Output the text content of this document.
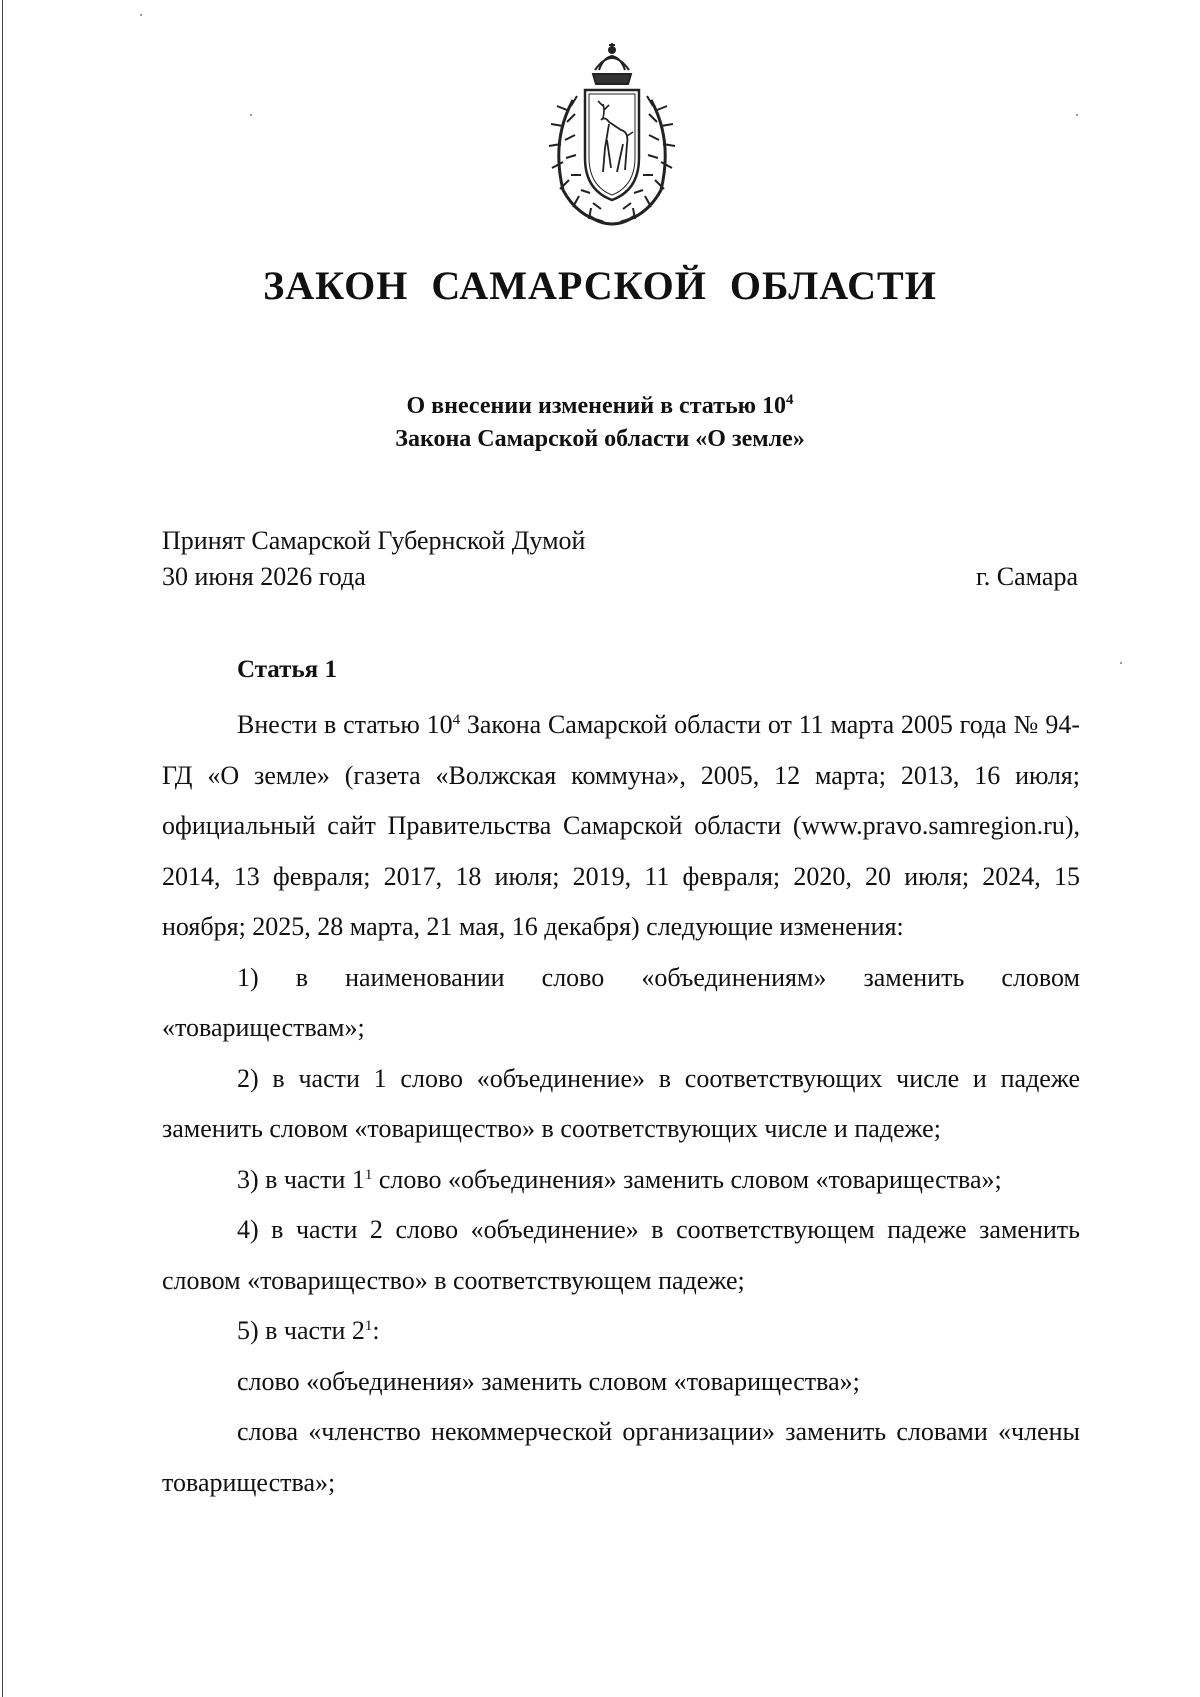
ЗАКОН САМАРСКОЙ ОБЛАСТИ
О внесении изменений в статью $10^4$
Закона Самарской области «О земле»
Принят Самарской Губернской Думой
30 июня 2026 года	г. Самара
Статья 1

Внести в статью $10^4$ Закона Самарской области от 11 марта 2005 года № 94-ГД «О земле» (газета «Волжская коммуна», 2005, 12 марта; 2013, 16 июля; официальный сайт Правительства Самарской области (www.pravo.samregion.ru), 2014, 13 февраля; 2017, 18 июля; 2019, 11 февраля; 2020, 20 июля; 2024, 15 ноября; 2025, 28 марта, 21 мая, 16 декабря) следующие изменения:

1) в наименовании слово «объединениям» заменить словом «товариществам»;

2) в части 1 слово «объединение» в соответствующих числе и падеже заменить словом «товарищество» в соответствующих числе и падеже;

3) в части $1^1$ слово «объединения» заменить словом «товарищества»;

4) в части 2 слово «объединение» в соответствующем падеже заменить словом «товарищество» в соответствующем падеже;

5) в части $2^1$:

слово «объединения» заменить словом «товарищества»;

слова «членство некоммерческой организации» заменить словами «члены товарищества»;
